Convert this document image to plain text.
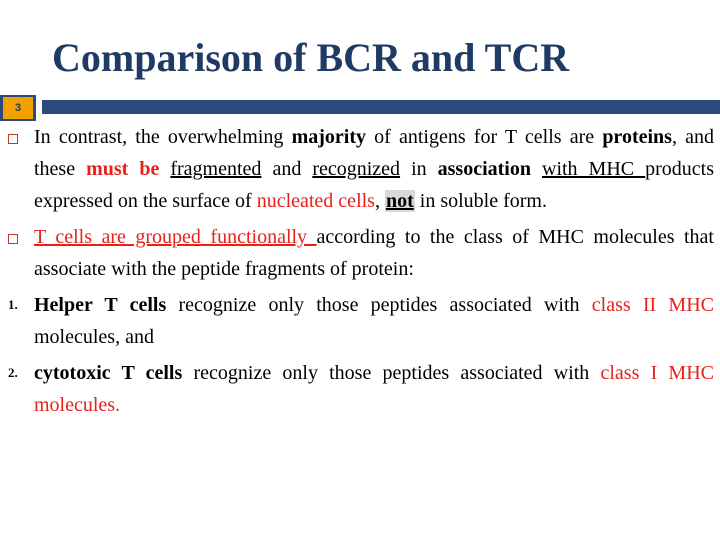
Comparison of BCR and TCR
3

In contrast, the overwhelming majority of antigens for T cells are proteins, and these must be fragmented and recognized in association with MHC products expressed on the surface of nucleated cells, not in soluble form.

T cells are grouped functionally according to the class of MHC molecules that associate with the peptide fragments of protein:

1. Helper T cells recognize only those peptides associated with class II MHC molecules, and

2. cytotoxic T cells recognize only those peptides associated with class I MHC molecules.
